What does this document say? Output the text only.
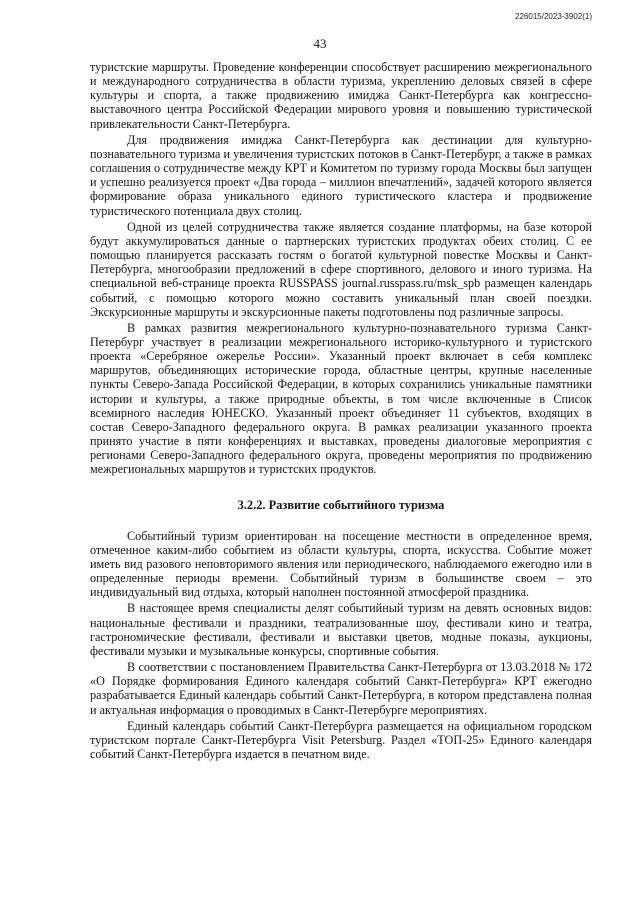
226015/2023-3902(1)
43

туристские маршруты. Проведение конференции способствует расширению межрегионального и международного сотрудничества в области туризма, укреплению деловых связей в сфере культуры и спорта, а также продвижению имиджа Санкт-Петербурга как конгрессно-выставочного центра Российской Федерации мирового уровня и повышению туристической привлекательности Санкт-Петербурга.

Для продвижения имиджа Санкт-Петербурга как дестинации для культурно-познавательного туризма и увеличения туристских потоков в Санкт-Петербург, а также в рамках соглашения о сотрудничестве между КРТ и Комитетом по туризму города Москвы был запущен и успешно реализуется проект «Два города – миллион впечатлений», задачей которого является формирование образа уникального единого туристического кластера и продвижение туристического потенциала двух столиц.

Одной из целей сотрудничества также является создание платформы, на базе которой будут аккумулироваться данные о партнерских туристских продуктах обеих столиц. С ее помощью планируется рассказать гостям о богатой культурной повестке Москвы и Санкт-Петербурга, многообразии предложений в сфере спортивного, делового и иного туризма. На специальной веб-странице проекта RUSSPASS journal.russpass.ru/msk_spb размещен календарь событий, с помощью которого можно составить уникальный план своей поездки. Экскурсионные маршруты и экскурсионные пакеты подготовлены под различные запросы.

В рамках развития межрегионального культурно-познавательного туризма Санкт-Петербург участвует в реализации межрегионального историко-культурного и туристского проекта «Серебряное ожерелье России». Указанный проект включает в себя комплекс маршрутов, объединяющих исторические города, областные центры, крупные населенные пункты Северо-Запада Российской Федерации, в которых сохранились уникальные памятники истории и культуры, а также природные объекты, в том числе включенные в Список всемирного наследия ЮНЕСКО. Указанный проект объединяет 11 субъектов, входящих в состав Северо-Западного федерального округа. В рамках реализации указанного проекта принято участие в пяти конференциях и выставках, проведены диалоговые мероприятия с регионами Северо-Западного федерального округа, проведены мероприятия по продвижению межрегиональных маршрутов и туристских продуктов.

3.2.2. Развитие событийного туризма

Событийный туризм ориентирован на посещение местности в определенное время, отмеченное каким-либо событием из области культуры, спорта, искусства. Событие может иметь вид разового неповторимого явления или периодического, наблюдаемого ежегодно или в определенные периоды времени. Событийный туризм в большинстве своем – это индивидуальный вид отдыха, который наполнен постоянной атмосферой праздника.

В настоящее время специалисты делят событийный туризм на девять основных видов: национальные фестивали и праздники, театрализованные шоу, фестивали кино и театра, гастрономические фестивали, фестивали и выставки цветов, модные показы, аукционы, фестивали музыки и музыкальные конкурсы, спортивные события.

В соответствии с постановлением Правительства Санкт-Петербурга от 13.03.2018 № 172 «О Порядке формирования Единого календаря событий Санкт-Петербурга» КРТ ежегодно разрабатывается Единый календарь событий Санкт-Петербурга, в котором представлена полная и актуальная информация о проводимых в Санкт-Петербурге мероприятиях.

Единый календарь событий Санкт-Петербурга размещается на официальном городском туристском портале Санкт-Петербурга Visit Petersburg. Раздел «ТОП-25» Единого календаря событий Санкт-Петербурга издается в печатном виде.
